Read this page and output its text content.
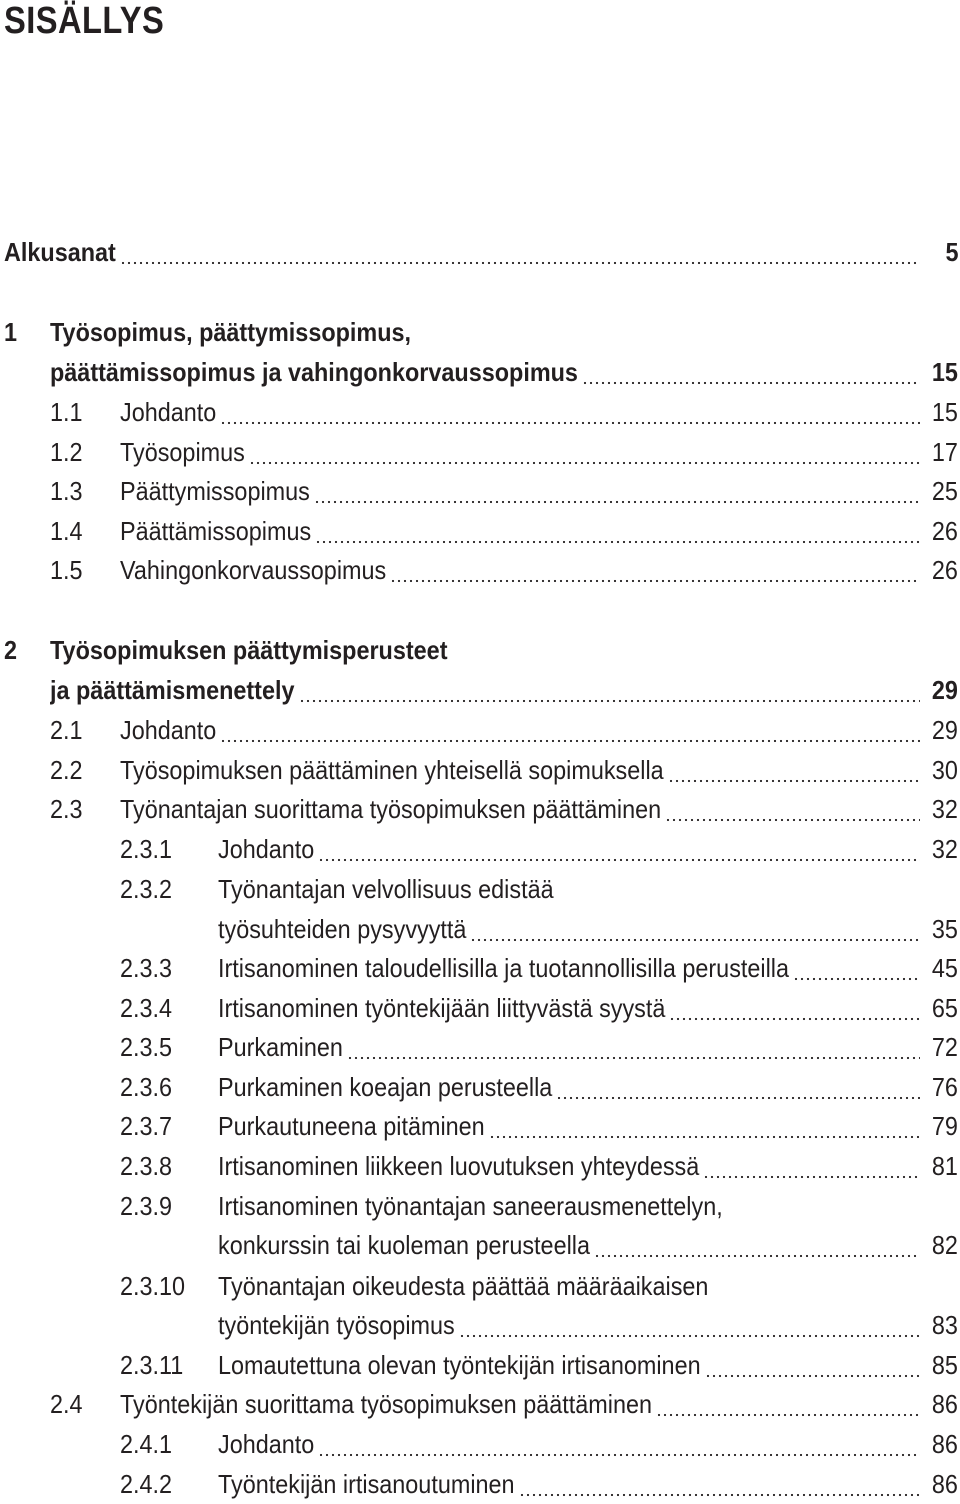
SISÄLLYS
Alkusanat	5
1 Työsopimus, päättymissopimus,
päättämissopimus ja vahingonkorvaussopimus	15
1.1 Johdanto	15
1.2 Työsopimus	17
1.3 Päättymissopimus	25
1.4 Päättämissopimus	26
1.5 Vahingonkorvaussopimus	26
2 Työsopimuksen päättymisperusteet
ja päättämismenettely	29
2.1 Johdanto	29
2.2 Työsopimuksen päättäminen yhteisellä sopimuksella	30
2.3 Työnantajan suorittama työsopimuksen päättäminen	32
2.3.1 Johdanto	32
2.3.2 Työnantajan velvollisuus edistää
työsuhteiden pysyvyyttä	35
2.3.3 Irtisanominen taloudellisilla ja tuotannollisilla perusteilla	45
2.3.4 Irtisanominen työntekijään liittyvästä syystä	65
2.3.5 Purkaminen	72
2.3.6 Purkaminen koeajan perusteella	76
2.3.7 Purkautuneena pitäminen	79
2.3.8 Irtisanominen liikkeen luovutuksen yhteydessä	81
2.3.9 Irtisanominen työnantajan saneerausmenettelyn,
konkurssin tai kuoleman perusteella	82
2.3.10 Työnantajan oikeudesta päättää määräaikaisen
työntekijän työsopimus	83
2.3.11 Lomautettuna olevan työntekijän irtisanominen	85
2.4 Työntekijän suorittama työsopimuksen päättäminen	86
2.4.1 Johdanto	86
2.4.2 Työntekijän irtisanoutuminen	86
